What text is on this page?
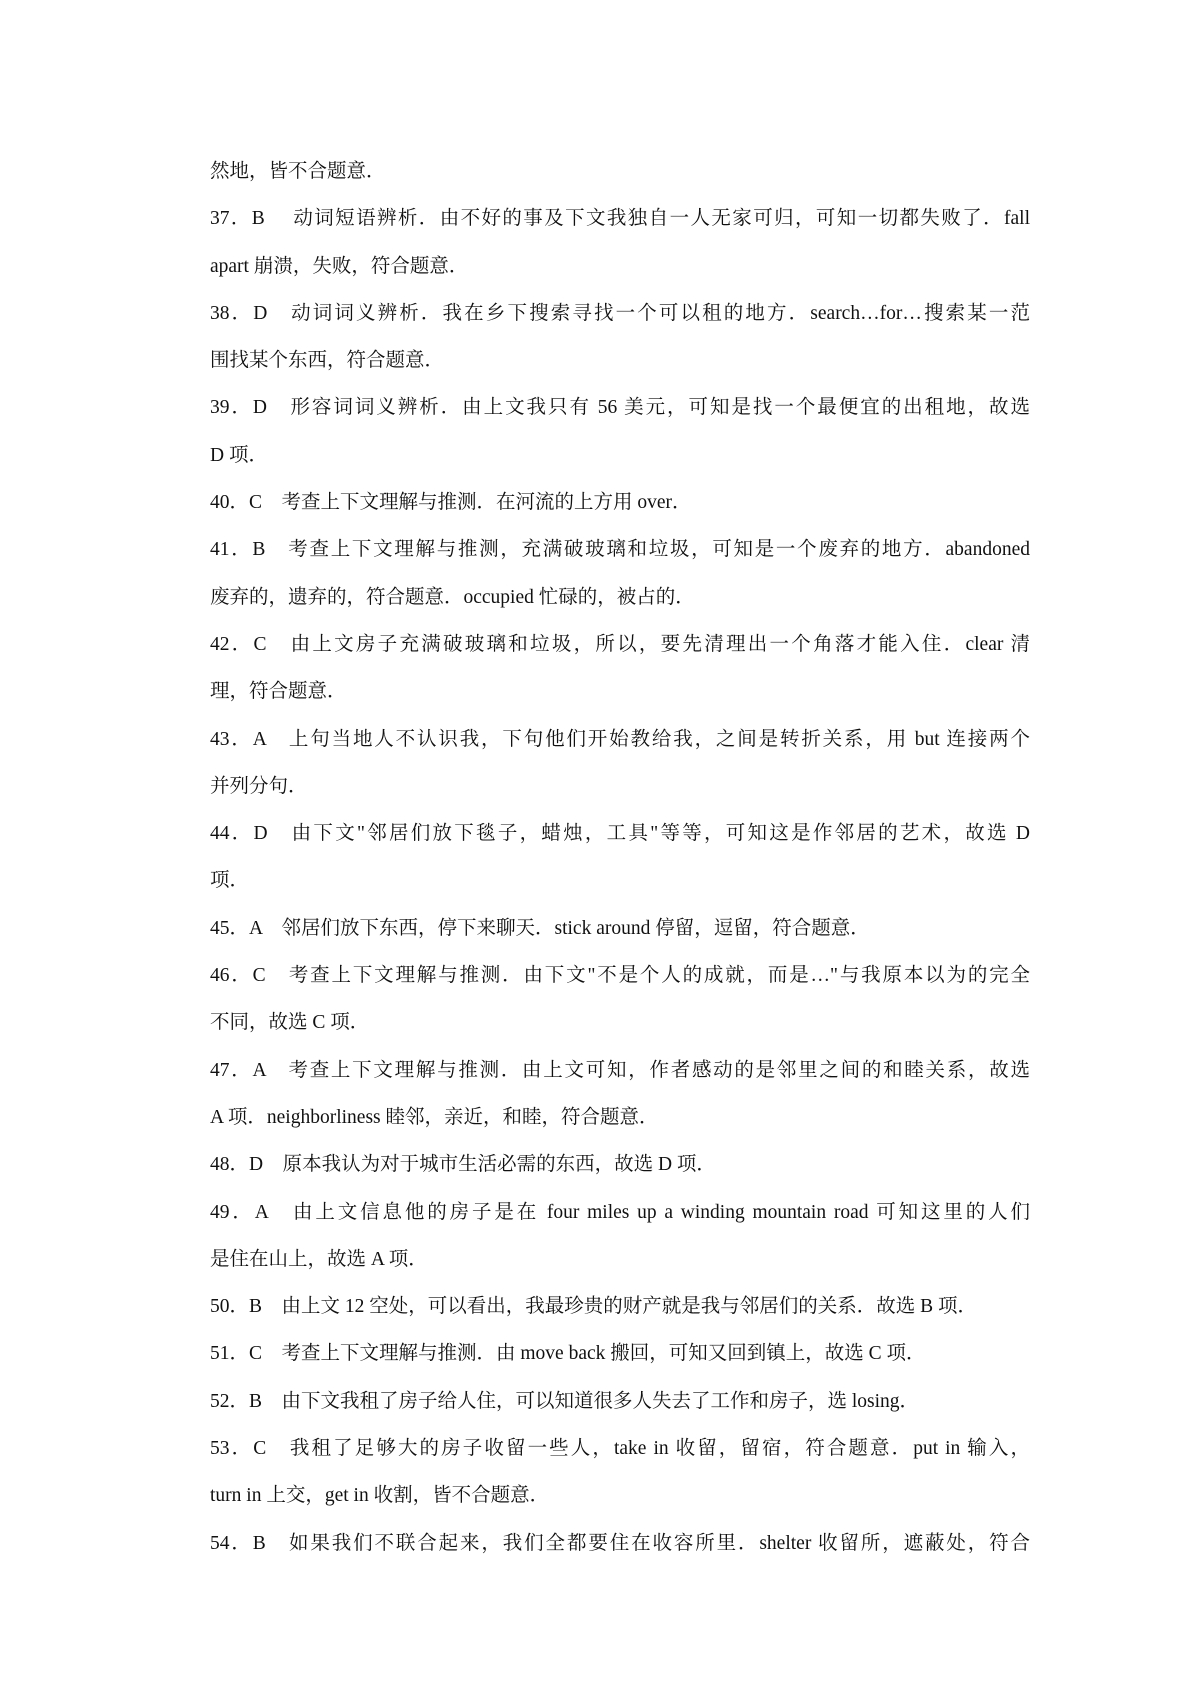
然地，皆不合题意．
37．B　 动词短语辨析．由不好的事及下文我独自一人无家可归，可知一切都失败了．fall
apart 崩溃，失败，符合题意．
38．D　动词词义辨析．我在乡下搜索寻找一个可以租的地方．search…for…搜索某一范
围找某个东西，符合题意．
39．D　形容词词义辨析．由上文我只有 56 美元，可知是找一个最便宜的出租地，故选
D 项．
40．C　考查上下文理解与推测．在河流的上方用 over．
41．B　考查上下文理解与推测，充满破玻璃和垃圾，可知是一个废弃的地方．abandoned
废弃的，遗弃的，符合题意．occupied 忙碌的，被占的．
42．C　由上文房子充满破玻璃和垃圾，所以，要先清理出一个角落才能入住．clear 清
理，符合题意．
43．A　上句当地人不认识我，下句他们开始教给我，之间是转折关系，用 but 连接两个
并列分句．
44．D　由下文"邻居们放下毯子，蜡烛，工具"等等，可知这是作邻居的艺术，故选 D
项．
45．A　邻居们放下东西，停下来聊天．stick around 停留，逗留，符合题意．
46．C　考查上下文理解与推测．由下文"不是个人的成就，而是…"与我原本以为的完全
不同，故选 C 项．
47．A　考查上下文理解与推测．由上文可知，作者感动的是邻里之间的和睦关系，故选
A 项．neighborliness 睦邻，亲近，和睦，符合题意．
48．D　原本我认为对于城市生活必需的东西，故选 D 项．
49．A　由上文信息他的房子是在 four miles up a winding mountain road 可知这里的人们
是住在山上，故选 A 项．
50．B　由上文 12 空处，可以看出，我最珍贵的财产就是我与邻居们的关系．故选 B 项．
51．C　考查上下文理解与推测．由 move back 搬回，可知又回到镇上，故选 C 项．
52．B　由下文我租了房子给人住，可以知道很多人失去了工作和房子，选 losing．
53．C　我租了足够大的房子收留一些人，take in 收留，留宿，符合题意．put in 输入，
turn in 上交，get in 收割，皆不合题意．
54．B　如果我们不联合起来，我们全都要住在收容所里．shelter 收留所，遮蔽处，符合
